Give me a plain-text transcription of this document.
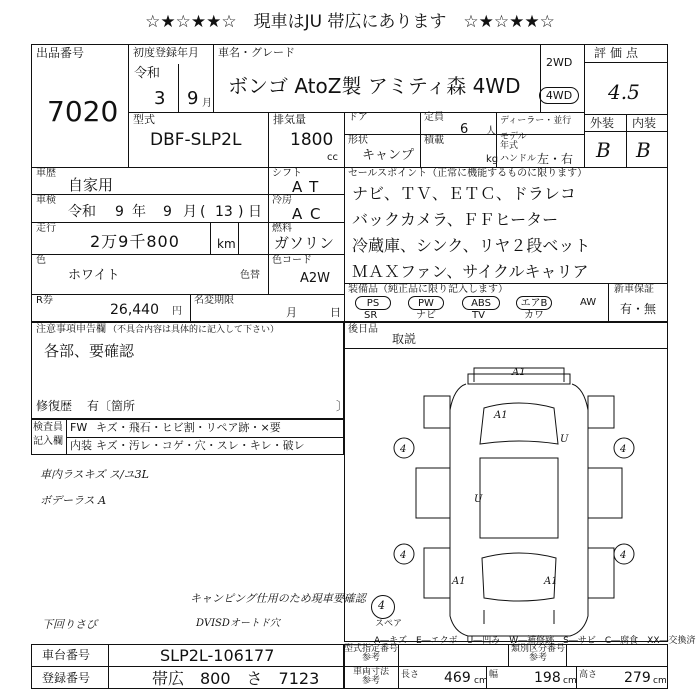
☆★☆★★☆　現車はJU 帯広にあります　☆★☆★★☆
出品番号
7020
初度登録年月
令和
3 9 月
車名・グレード
ボンゴ AtoZ製 アミティ森 4WD
2WD
4WD
評価点
4.5
型式
DBF-SLP2L
排気量
1800
cc
ドア	定員
6 人
ディーラー・並行
形状
キャンプ
積載
kg
モデル
年式
ハンドル 左・右
外装 内装
B B
車歴
自家用
シフト
AT
車検
令和 9 年 9 月 ( 13 ) 日
冷房
AC
走行
2万9千800	km
燃料
ガソリン
色
ホワイト	色替
色コード
A2W
R券
26,440 円
名変期限
月	日
セールスポイント（正常に機能するものに限ります）
ナビ、ＴＶ、ＥＴＣ、ドラレコ
バックカメラ、ＦＦヒーター
冷蔵庫、シンク、リヤ２段ベット
ＭＡＸファン、サイクルキャリア
装備品（純正品に限り記入します）
PS	PW	ABS	エアB	AW
SR	ナビ	TV	カワ
新車保証
有・無
注意事項申告欄 （不具合内容は具体的に記入して下さい）
各部、要確認
修復歴 有〔箇所	〕
検査員
記入欄
FW キズ・飛石・ヒビ割・リペア跡・×要
内装 キズ・汚レ・コゲ・穴・スレ・キレ・破レ
車内ラスキズ ス/ユ3L
ボデーラス A
キャンピング仕用のため現車要確認
DVISDオートド穴
下回りさび
後日品
取説
A1
A1
U
U
A1	A1
4	4
4	4
4
スペア
A―キズ　E―エクボ　U―凹み　W―補修跡　S―サビ　C―腐食　XX―交換済
車台番号	SLP2L-106177
登録番号	帯広　800　さ　7123
型式指定番号
参考
類別区分番号
参考
車両寸法
参考
長さ 469 cm
幅	198 cm
高さ 279 cm
